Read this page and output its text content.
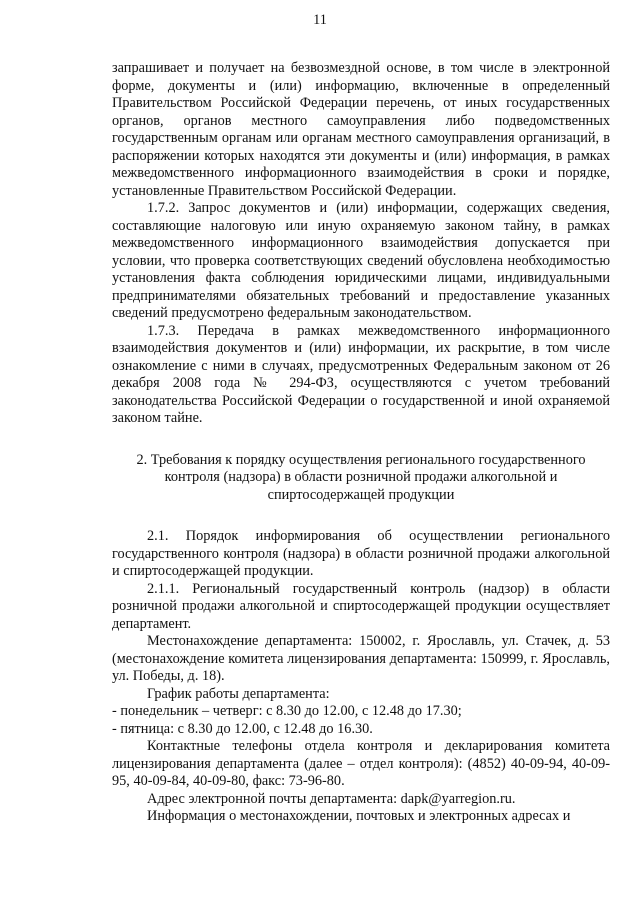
11

запрашивает и получает на безвозмездной основе, в том числе в электронной форме, документы и (или) информацию, включенные в определенный Правительством Российской Федерации перечень, от иных государственных органов, органов местного самоуправления либо подведомственных государственным органам или органам местного самоуправления организаций, в распоряжении которых находятся эти документы и (или) информация, в рамках межведомственного информационного взаимодействия в сроки и порядке, установленные Правительством Российской Федерации.

1.7.2. Запрос документов и (или) информации, содержащих сведения, составляющие налоговую или иную охраняемую законом тайну, в рамках межведомственного информационного взаимодействия допускается при условии, что проверка соответствующих сведений обусловлена необходимостью установления факта соблюдения юридическими лицами, индивидуальными предпринимателями обязательных требований и предоставление указанных сведений предусмотрено федеральным законодательством.

1.7.3. Передача в рамках межведомственного информационного взаимодействия документов и (или) информации, их раскрытие, в том числе ознакомление с ними в случаях, предусмотренных Федеральным законом от 26 декабря 2008 года № 294-ФЗ, осуществляются с учетом требований законодательства Российской Федерации о государственной и иной охраняемой законом тайне.

2. Требования к порядку осуществления регионального государственного контроля (надзора) в области розничной продажи алкогольной и спиртосодержащей продукции

2.1. Порядок информирования об осуществлении регионального государственного контроля (надзора) в области розничной продажи алкогольной и спиртосодержащей продукции.

2.1.1. Региональный государственный контроль (надзор) в области розничной продажи алкогольной и спиртосодержащей продукции осуществляет департамент.

Местонахождение департамента: 150002, г. Ярославль, ул. Стачек, д. 53 (местонахождение комитета лицензирования департамента: 150999, г. Ярославль, ул. Победы, д. 18).

График работы департамента:

- понедельник – четверг: с 8.30 до 12.00, с 12.48 до 17.30;

- пятница: с 8.30 до 12.00, с 12.48 до 16.30.

Контактные телефоны отдела контроля и декларирования комитета лицензирования департамента (далее – отдел контроля): (4852) 40-09-94, 40-09-95, 40-09-84, 40-09-80, факс: 73-96-80.

Адрес электронной почты департамента: dapk@yarregion.ru.

Информация о местонахождении, почтовых и электронных адресах и
